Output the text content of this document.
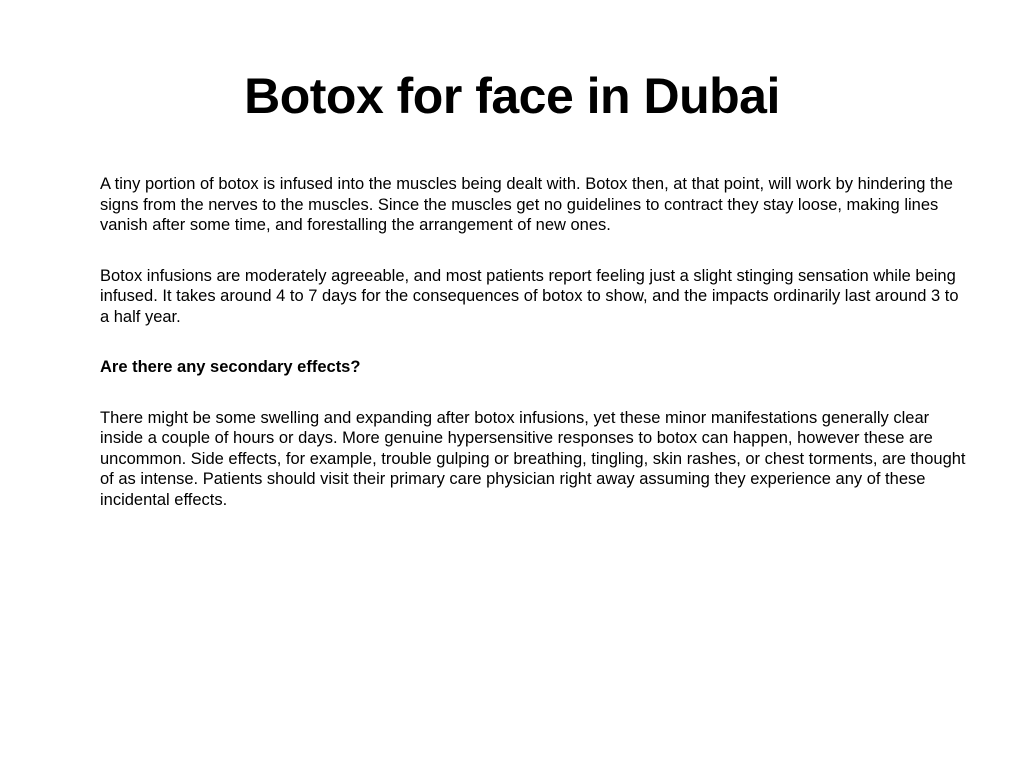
Botox for face in Dubai

A tiny portion of botox is infused into the muscles being dealt with. Botox then, at that point, will work by hindering the signs from the nerves to the muscles. Since the muscles get no guidelines to contract they stay loose, making lines vanish after some time, and forestalling the arrangement of new ones.

Botox infusions are moderately agreeable, and most patients report feeling just a slight stinging sensation while being infused. It takes around 4 to 7 days for the consequences of botox to show, and the impacts ordinarily last around 3 to a half year.

Are there any secondary effects?

There might be some swelling and expanding after botox infusions, yet these minor manifestations generally clear inside a couple of hours or days. More genuine hypersensitive responses to botox can happen, however these are uncommon. Side effects, for example, trouble gulping or breathing, tingling, skin rashes, or chest torments, are thought of as intense. Patients should visit their primary care physician right away assuming they experience any of these incidental effects.
